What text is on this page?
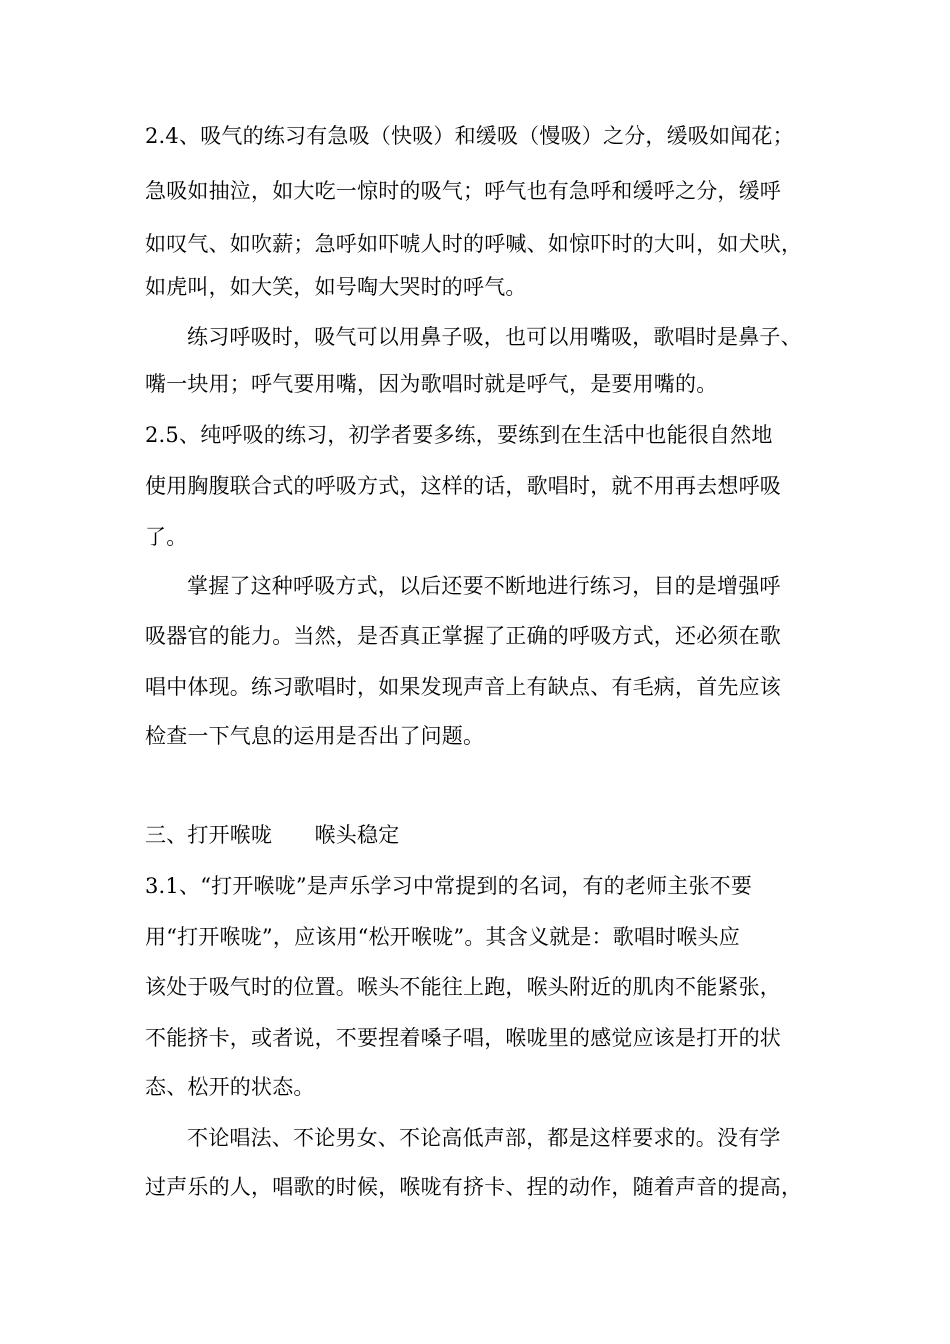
2.4、吸气的练习有急吸（快吸）和缓吸（慢吸）之分，缓吸如闻花；
急吸如抽泣，如大吃一惊时的吸气；呼气也有急呼和缓呼之分，缓呼
如叹气、如吹薪；急呼如吓唬人时的呼喊、如惊吓时的大叫，如犬吠，
如虎叫，如大笑，如号啕大哭时的呼气。
练习呼吸时，吸气可以用鼻子吸，也可以用嘴吸，歌唱时是鼻子、
嘴一块用；呼气要用嘴，因为歌唱时就是呼气，是要用嘴的。
2.5、纯呼吸的练习，初学者要多练，要练到在生活中也能很自然地
使用胸腹联合式的呼吸方式，这样的话，歌唱时，就不用再去想呼吸
了。
掌握了这种呼吸方式，以后还要不断地进行练习，目的是增强呼
吸器官的能力。当然，是否真正掌握了正确的呼吸方式，还必须在歌
唱中体现。练习歌唱时，如果发现声音上有缺点、有毛病，首先应该
检查一下气息的运用是否出了问题。
三、打开喉咙　　喉头稳定
3.1、“打开喉咙”是声乐学习中常提到的名词，有的老师主张不要
用“打开喉咙”，应该用“松开喉咙”。其含义就是：歌唱时喉头应
该处于吸气时的位置。喉头不能往上跑，喉头附近的肌肉不能紧张，
不能挤卡，或者说，不要捏着嗓子唱，喉咙里的感觉应该是打开的状
态、松开的状态。
不论唱法、不论男女、不论高低声部，都是这样要求的。没有学
过声乐的人，唱歌的时候，喉咙有挤卡、捏的动作，随着声音的提高，
